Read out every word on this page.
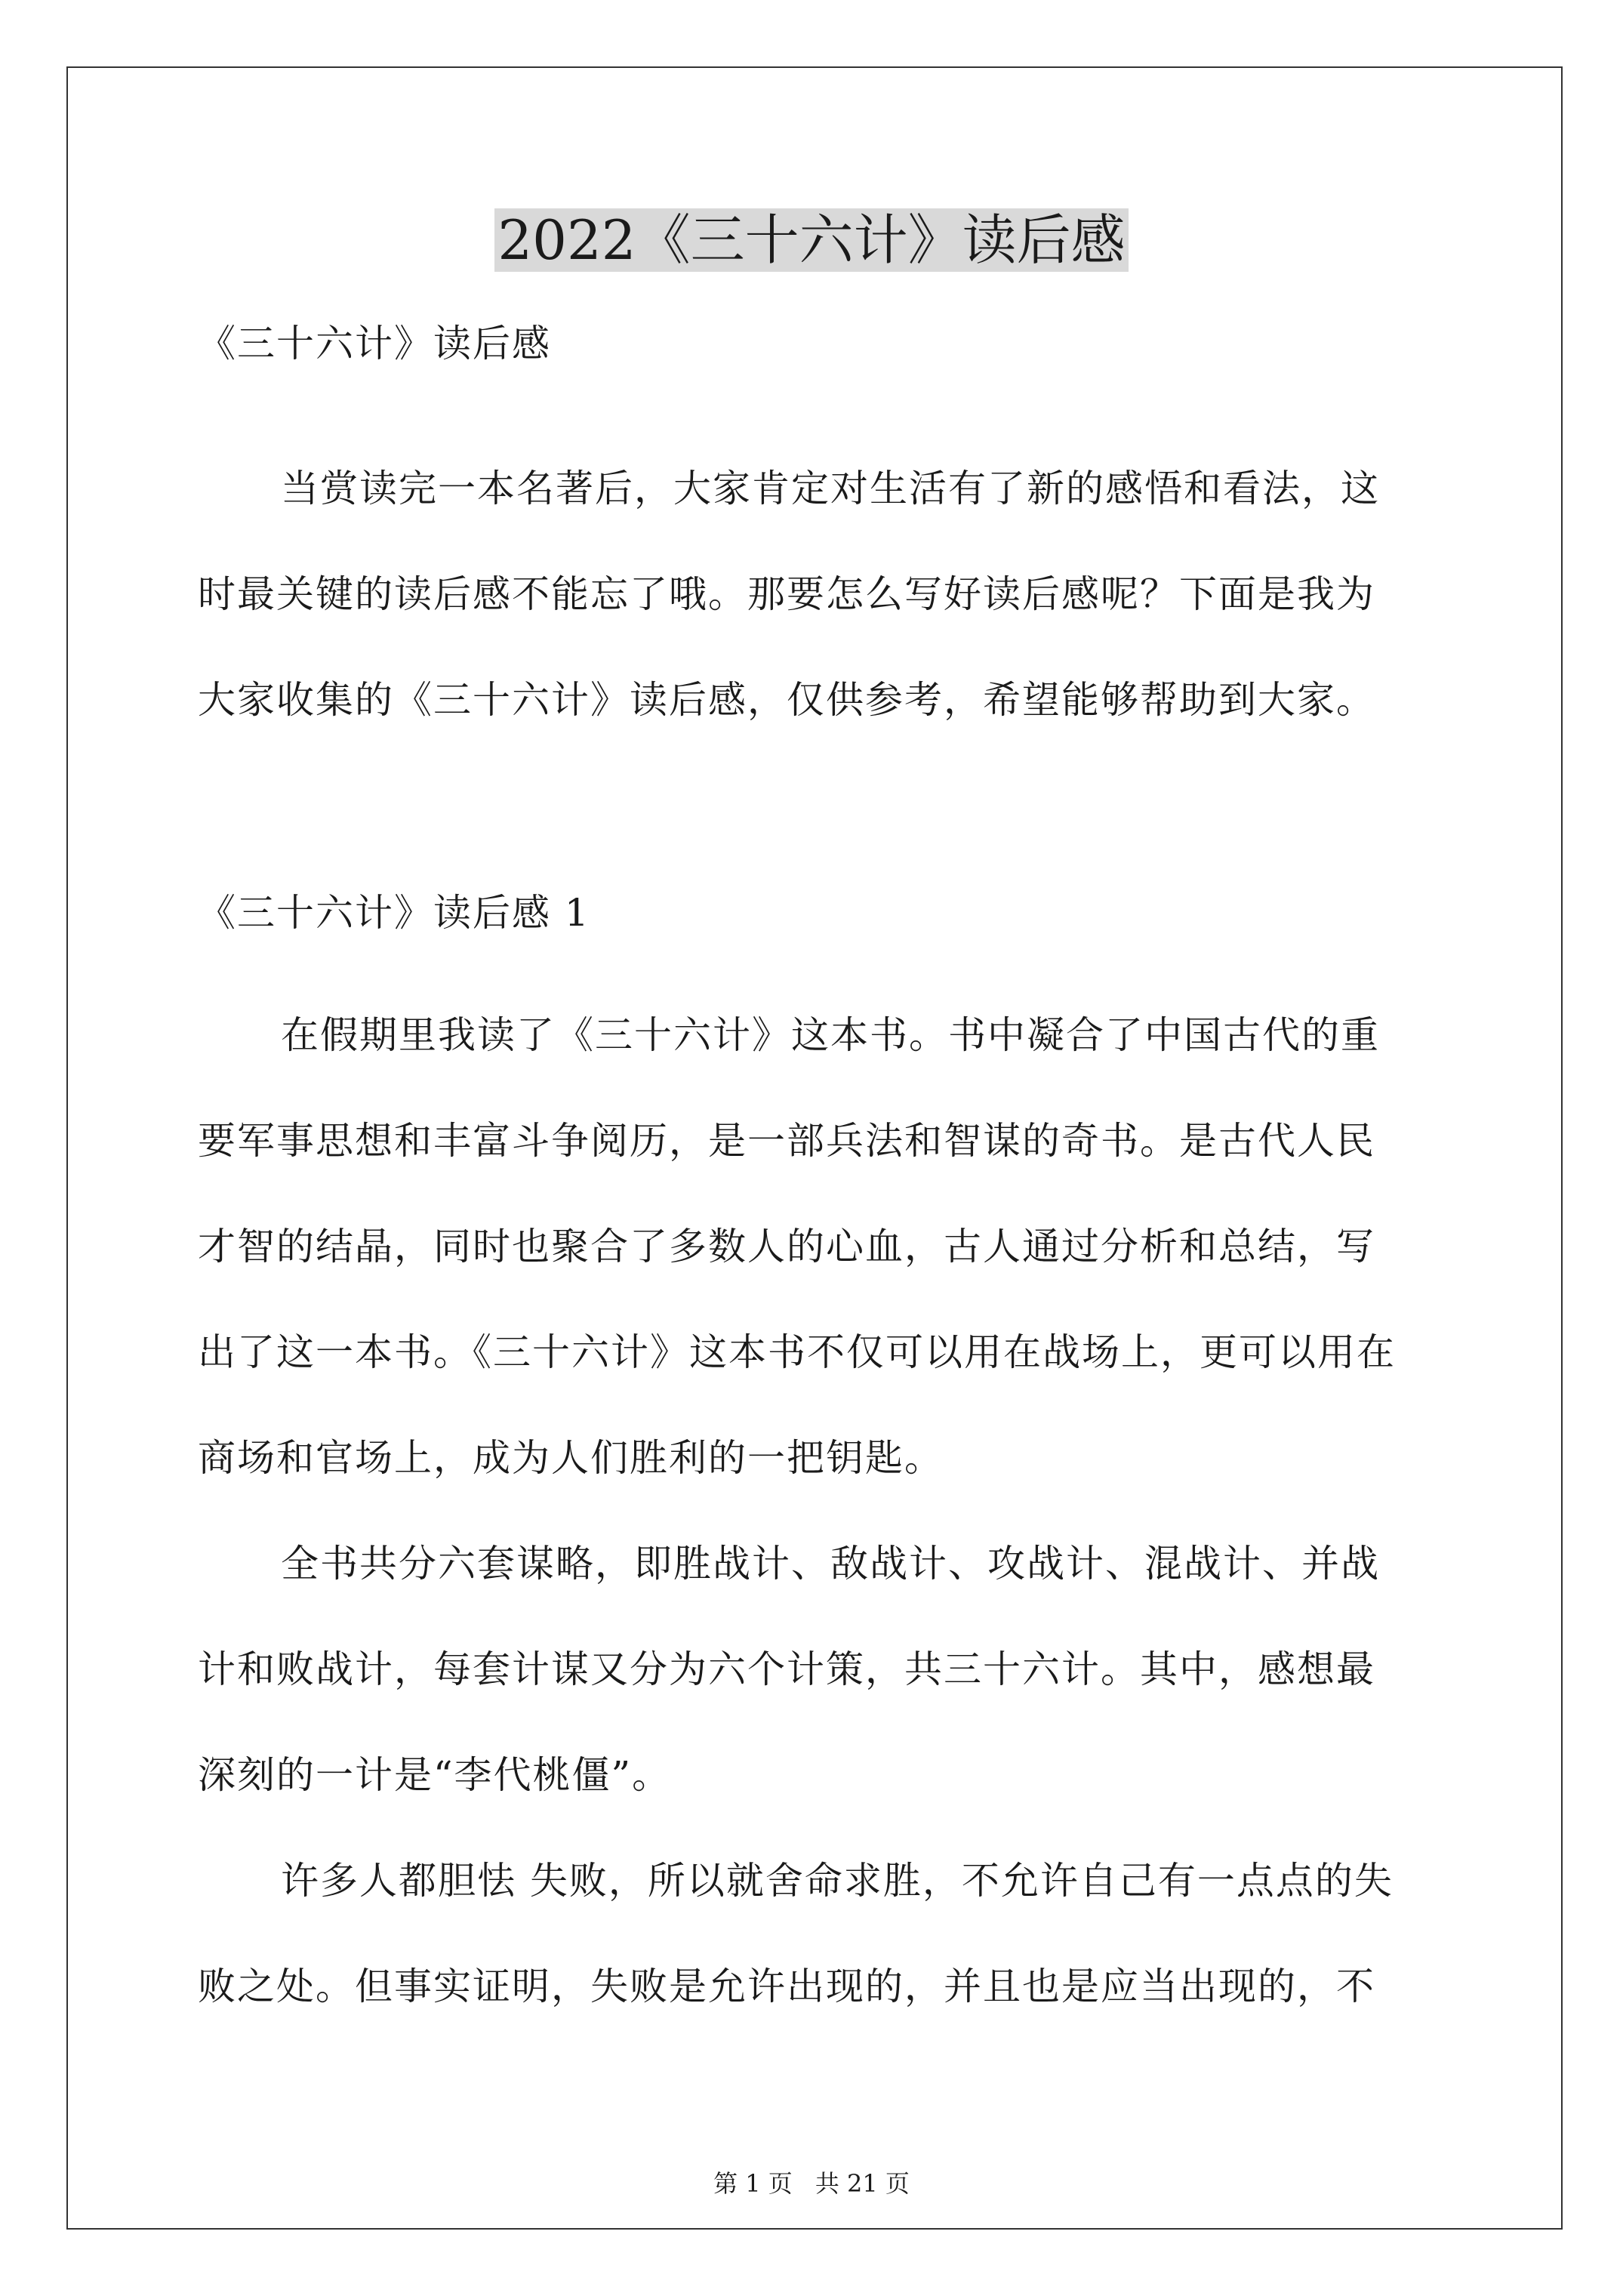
2022《三十六计》读后感
《三十六计》读后感
当赏读完一本名著后，大家肯定对生活有了新的感悟和看法，这
时最关键的读后感不能忘了哦。那要怎么写好读后感呢？下面是我为
大家收集的《三十六计》读后感，仅供参考，希望能够帮助到大家。
《三十六计》读后感 1
在假期里我读了《三十六计》这本书。书中凝合了中国古代的重
要军事思想和丰富斗争阅历，是一部兵法和智谋的奇书。是古代人民
才智的结晶，同时也聚合了多数人的心血，古人通过分析和总结，写
出了这一本书。《三十六计》这本书不仅可以用在战场上，更可以用在
商场和官场上，成为人们胜利的一把钥匙。
全书共分六套谋略，即胜战计、敌战计、攻战计、混战计、并战
计和败战计，每套计谋又分为六个计策，共三十六计。其中，感想最
深刻的一计是“李代桃僵”。
许多人都胆怯 失败，所以就舍命求胜，不允许自己有一点点的失
败之处。但事实证明，失败是允许出现的，并且也是应当出现的，不
第 1 页 共 21 页
